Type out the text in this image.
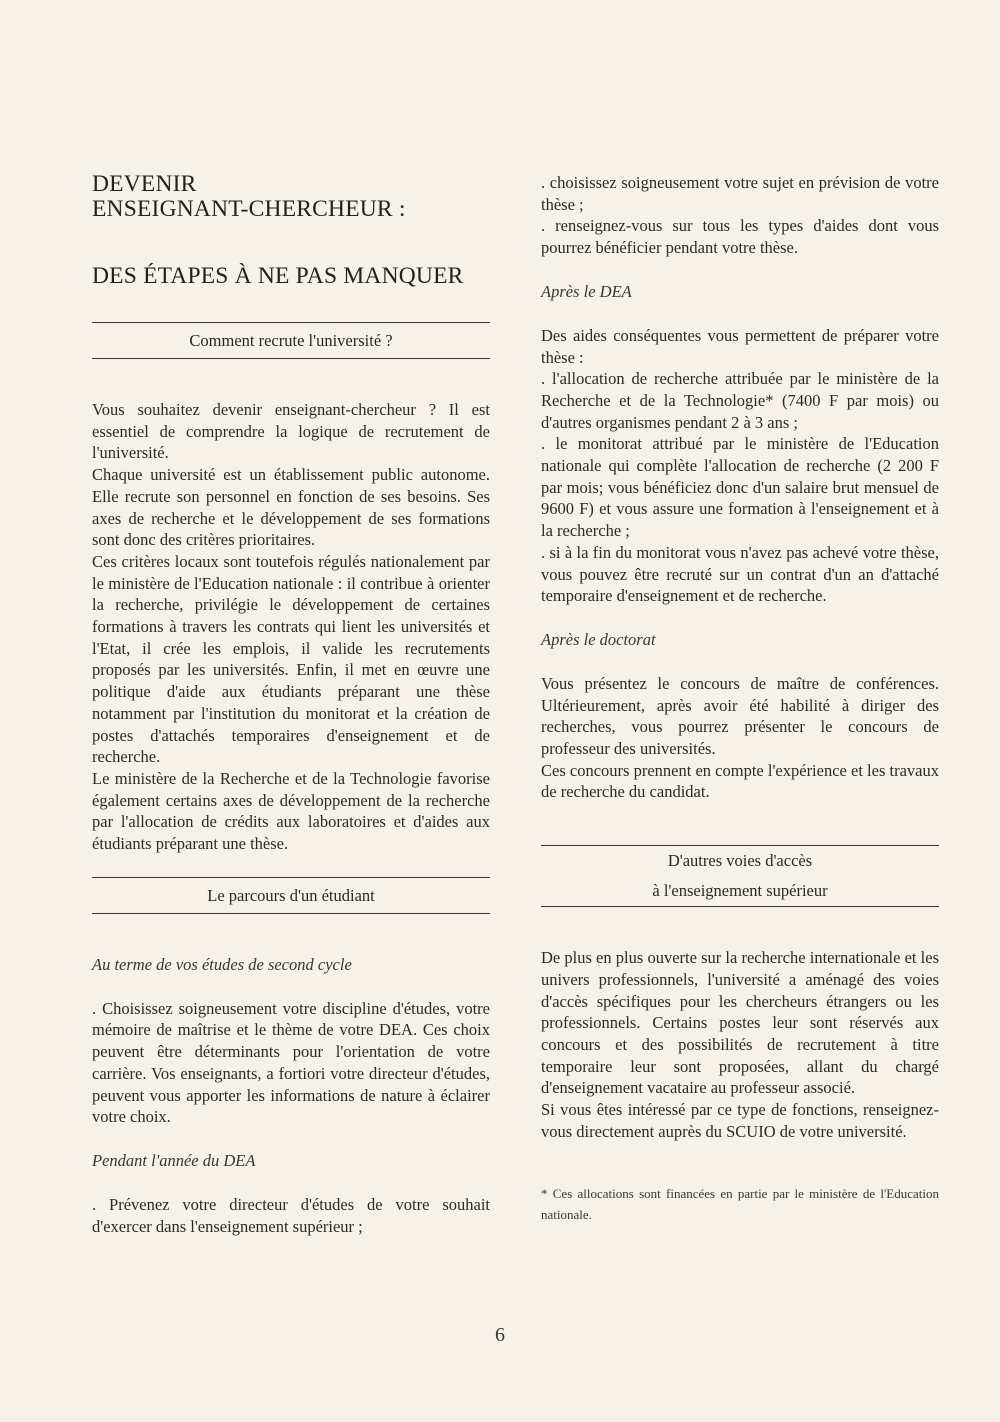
DEVENIR
ENSEIGNANT-CHERCHEUR :
DES ÉTAPES À NE PAS MANQUER
Comment recrute l'université ?

Vous souhaitez devenir enseignant-chercheur ? Il est essentiel de comprendre la logique de recrutement de l'université.

Chaque université est un établissement public autonome. Elle recrute son personnel en fonction de ses besoins. Ses axes de recherche et le développement de ses formations sont donc des critères prioritaires.

Ces critères locaux sont toutefois régulés nationalement par le ministère de l'Education nationale : il contribue à orienter la recherche, privilégie le développement de certaines formations à travers les contrats qui lient les universités et l'Etat, il crée les emplois, il valide les recrutements proposés par les universités. Enfin, il met en œuvre une politique d'aide aux étudiants préparant une thèse notamment par l'institution du monitorat et la création de postes d'attachés temporaires d'enseignement et de recherche.

Le ministère de la Recherche et de la Technologie favorise également certains axes de développement de la recherche par l'allocation de crédits aux laboratoires et d'aides aux étudiants préparant une thèse.

Le parcours d'un étudiant

Au terme de vos études de second cycle

. Choisissez soigneusement votre discipline d'études, votre mémoire de maîtrise et le thème de votre DEA. Ces choix peuvent être déterminants pour l'orientation de votre carrière. Vos enseignants, a fortiori votre directeur d'études, peuvent vous apporter les informations de nature à éclairer votre choix.

Pendant l'année du DEA

. Prévenez votre directeur d'études de votre souhait d'exercer dans l'enseignement supérieur ;

. choisissez soigneusement votre sujet en prévision de votre thèse ;

. renseignez-vous sur tous les types d'aides dont vous pourrez bénéficier pendant votre thèse.

Après le DEA

Des aides conséquentes vous permettent de préparer votre thèse :

. l'allocation de recherche attribuée par le ministère de la Recherche et de la Technologie* (7400 F par mois) ou d'autres organismes pendant 2 à 3 ans ;

. le monitorat attribué par le ministère de l'Education nationale qui complète l'allocation de recherche (2 200 F par mois; vous bénéficiez donc d'un salaire brut mensuel de 9600 F) et vous assure une formation à l'enseignement et à la recherche ;

. si à la fin du monitorat vous n'avez pas achevé votre thèse, vous pouvez être recruté sur un contrat d'un an d'attaché temporaire d'enseignement et de recherche.

Après le doctorat

Vous présentez le concours de maître de conférences. Ultérieurement, après avoir été habilité à diriger des recherches, vous pourrez présenter le concours de professeur des universités.

Ces concours prennent en compte l'expérience et les travaux de recherche du candidat.

D'autres voies d'accès
à l'enseignement supérieur

De plus en plus ouverte sur la recherche internationale et les univers professionnels, l'université a aménagé des voies d'accès spécifiques pour les chercheurs étrangers ou les professionnels. Certains postes leur sont réservés aux concours et des possibilités de recrutement à titre temporaire leur sont proposées, allant du chargé d'enseignement vacataire au professeur associé.

Si vous êtes intéressé par ce type de fonctions, renseignez-vous directement auprès du SCUIO de votre université.

* Ces allocations sont financées en partie par le ministère de l'Education nationale.

6
